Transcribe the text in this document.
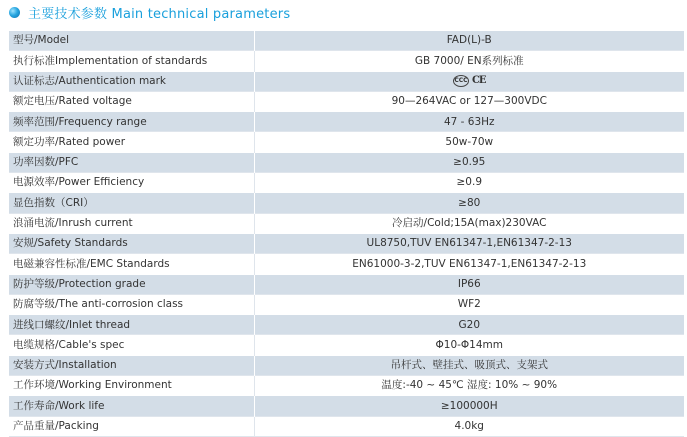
主要技术参数 Main technical parameters
型号/Model	FAD(L)-B
执行标准Implementation of standards	GB 7000/ EN系列标准
认证标志/Authentication mark	CCC CE

额定电压/Rated voltage	90—264VAC or 127—300VDC
频率范围/Frequency range	47 - 63Hz
额定功率/Rated power	50w-70w
功率因数/PFC	≥0.95
电源效率/Power Efficiency	≥0.9
显色指数（CRI）	≥80
浪涌电流/Inrush current	冷启动/Cold;15A(max)230VAC
安规/Safety Standards	UL8750,TUV EN61347-1,EN61347-2-13
电磁兼容性标准/EMC Standards	EN61000-3-2,TUV EN61347-1,EN61347-2-13
防护等级/Protection grade	IP66
防腐等级/The anti-corrosion class	WF2
进线口螺纹/Inlet thread	G20
电缆规格/Cable's spec	Φ10-Φ14mm
安装方式/Installation	吊杆式、壁挂式、吸顶式、支架式
工作环境/Working Environment	温度:-40 ~ 45℃ 湿度: 10% ~ 90%
工作寿命/Work life	≥100000H
产品重量/Packing	4.0kg
